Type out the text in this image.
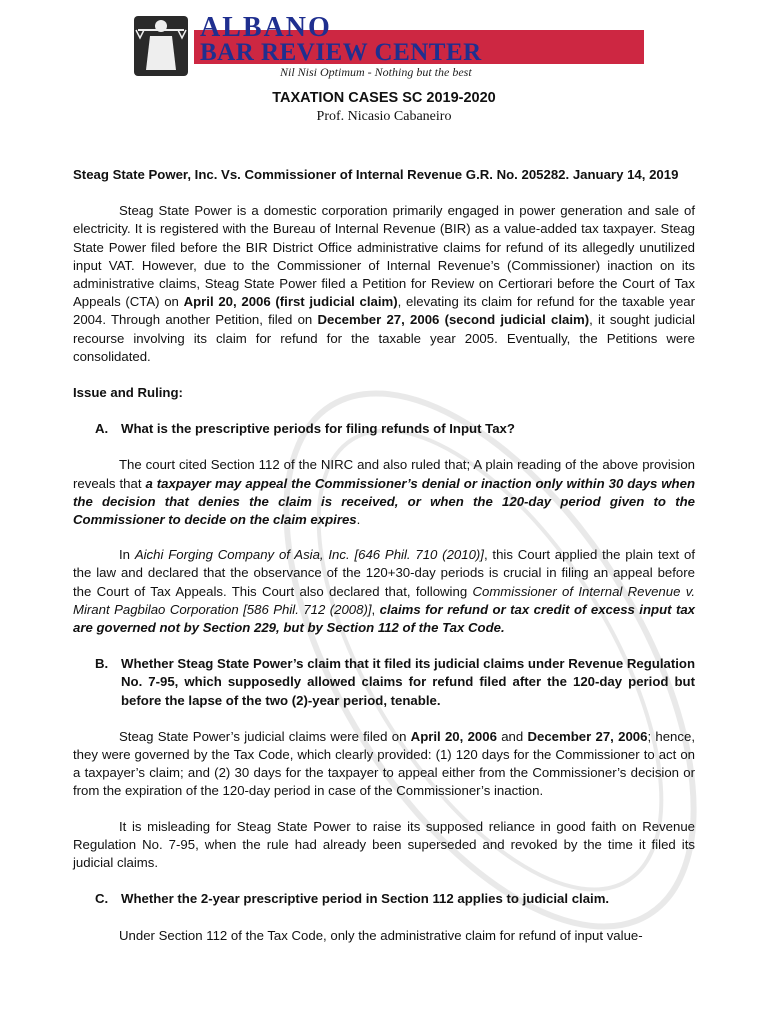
ALBANO
BAR REVIEW CENTER
Nil Nisi Optimum - Nothing but the best
TAXATION CASES SC 2019-2020
Prof. Nicasio Cabaneiro

Steag State Power, Inc. Vs. Commissioner of Internal Revenue G.R. No. 205282. January 14, 2019

Steag State Power is a domestic corporation primarily engaged in power generation and sale of electricity. It is registered with the Bureau of Internal Revenue (BIR) as a value-added tax taxpayer. Steag State Power filed before the BIR District Office administrative claims for refund of its allegedly unutilized input VAT. However, due to the Commissioner of Internal Revenue’s (Commissioner) inaction on its administrative claims, Steag State Power filed a Petition for Review on Certiorari before the Court of Tax Appeals (CTA) on April 20, 2006 (first judicial claim), elevating its claim for refund for the taxable year 2004. Through another Petition, filed on December 27, 2006 (second judicial claim), it sought judicial recourse involving its claim for refund for the taxable year 2005. Eventually, the Petitions were consolidated.

Issue and Ruling:

A. What is the prescriptive periods for filing refunds of Input Tax?

The court cited Section 112 of the NIRC and also ruled that; A plain reading of the above provision reveals that a taxpayer may appeal the Commissioner’s denial or inaction only within 30 days when the decision that denies the claim is received, or when the 120-day period given to the Commissioner to decide on the claim expires.

In Aichi Forging Company of Asia, Inc. [646 Phil. 710 (2010)], this Court applied the plain text of the law and declared that the observance of the 120+30-day periods is crucial in filing an appeal before the Court of Tax Appeals. This Court also declared that, following Commissioner of Internal Revenue v. Mirant Pagbilao Corporation [586 Phil. 712 (2008)], claims for refund or tax credit of excess input tax are governed not by Section 229, but by Section 112 of the Tax Code.

B. Whether Steag State Power’s claim that it filed its judicial claims under Revenue Regulation No. 7-95, which supposedly allowed claims for refund filed after the 120-day period but before the lapse of the two (2)-year period, tenable.

Steag State Power’s judicial claims were filed on April 20, 2006 and December 27, 2006; hence, they were governed by the Tax Code, which clearly provided: (1) 120 days for the Commissioner to act on a taxpayer’s claim; and (2) 30 days for the taxpayer to appeal either from the Commissioner’s decision or from the expiration of the 120-day period in case of the Commissioner’s inaction.

It is misleading for Steag State Power to raise its supposed reliance in good faith on Revenue Regulation No. 7-95, when the rule had already been superseded and revoked by the time it filed its judicial claims.

C. Whether the 2-year prescriptive period in Section 112 applies to judicial claim.

Under Section 112 of the Tax Code, only the administrative claim for refund of input value-
